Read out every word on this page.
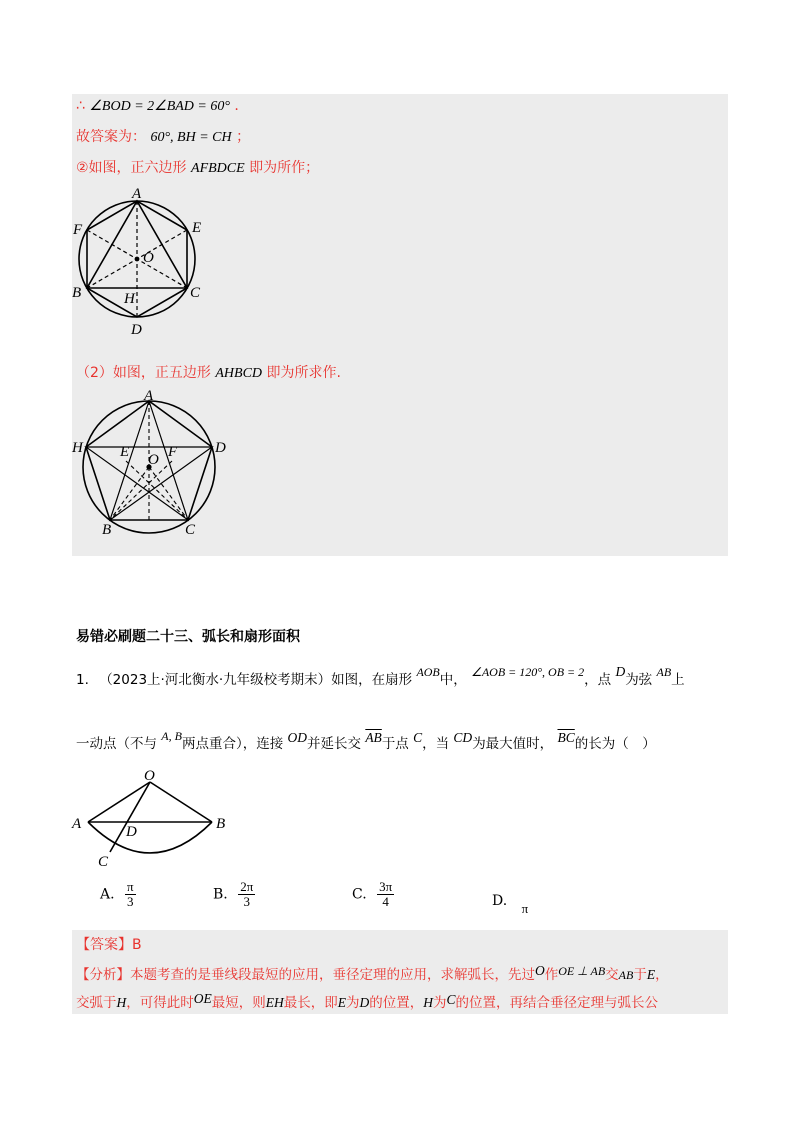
∴ ∠BOD = 2∠BAD = 60° .
故答案为： 60°, BH = CH ；
②如图，正六边形 AFBDCE 即为所作；
A
E
F
O
B	C
H
D
（2）如图，正五边形 AHBCD 即为所求作.
A
H	D
E	F
O
B	C
易错必刷题二十三、弧长和扇形面积
1. （2023上·河北衡水·九年级校考期末）如图，在扇形 AOB中， ∠AOB = 120°, OB = 2，点 D为弦 AB上
一动点（不与 A, B两点重合），连接 OD并延长交 $\overline{AB}$于点 C，当 CD为最大值时， $\overline{BC}$的长为（　）
O
A	B
D
C
A. $\frac{\pi}{3}$	B. $\frac{2\pi}{3}$	C. $\frac{3\pi}{4}$	D. π
【答案】B
【分析】本题考查的是垂线段最短的应用，垂径定理的应用，求解弧长，先过O作OE ⊥ AB交AB于E，
交弧于H，可得此时OE最短，则EH最长，即E为D的位置，H为C的位置，再结合垂径定理与弧长公
